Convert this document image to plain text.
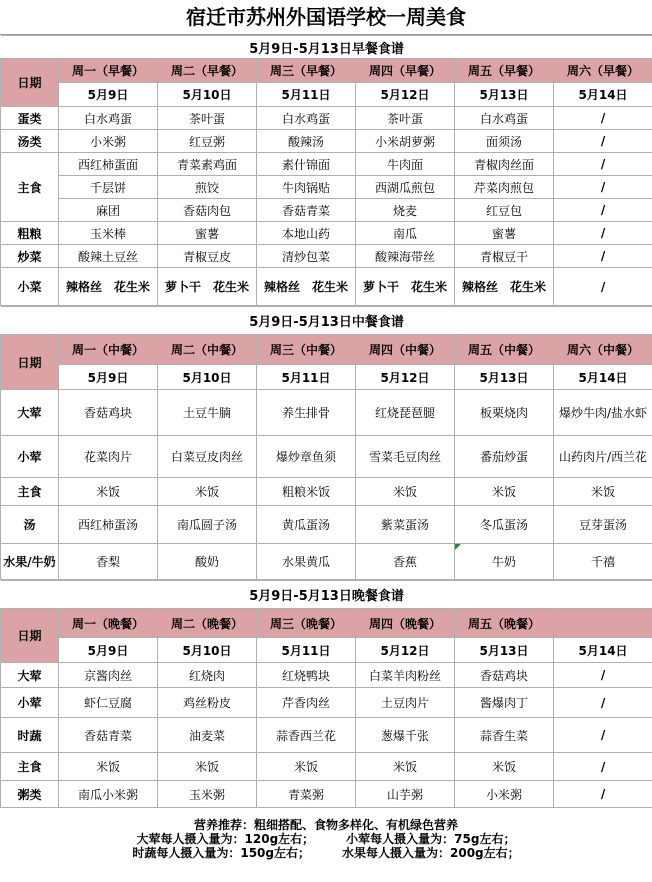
宿迁市苏州外国语学校一周美食
5月9日-5月13日早餐食谱						
日期	周一（早餐）	周二（早餐）	周三（早餐）	周四（早餐）	周五（早餐）	周六（早餐）
	5月9日	5月10日	5月11日	5月12日	5月13日	5月14日
蛋类	白水鸡蛋	茶叶蛋	白水鸡蛋	茶叶蛋	白水鸡蛋	/
汤类	小米粥	红豆粥	酸辣汤	小米胡萝粥	面须汤	/
主食	西红柿蛋面	青菜素鸡面	素什锦面	牛肉面	青椒肉丝面	/
	千层饼	煎饺	牛肉锅贴	西湖瓜煎包	芹菜肉煎包	/
	麻团	香菇肉包	香菇青菜	烧麦	红豆包	/
粗粮	玉米棒	蜜薯	本地山药	南瓜	蜜薯	/
炒菜	酸辣土豆丝	青椒豆皮	清炒包菜	酸辣海带丝	青椒豆干	/
小菜	辣格丝　花生米	萝卜干　花生米	辣格丝　花生米	萝卜干　花生米	辣格丝　花生米	/
5月9日-5月13日中餐食谱						
日期	周一（中餐）	周二（中餐）	周三（中餐）	周四（中餐）	周五（中餐）	周六（中餐）
	5月9日	5月10日	5月11日	5月12日	5月13日	5月14日
大荤	香菇鸡块	土豆牛腩	养生排骨	红烧琵琶腿	板栗烧肉	爆炒牛肉/盐水虾
小荤	花菜肉片	白菜豆皮肉丝	爆炒章鱼须	雪菜毛豆肉丝	番茄炒蛋	山药肉片/西兰花
主食	米饭	米饭	粗粮米饭	米饭	米饭	米饭
汤	西红柿蛋汤	南瓜圆子汤	黄瓜蛋汤	紫菜蛋汤	冬瓜蛋汤	豆芽蛋汤
水果/牛奶	香梨	酸奶	水果黄瓜	香蕉	牛奶	千禧
5月9日-5月13日晚餐食谱						
日期	周一（晚餐）	周二（晚餐）	周三（晚餐）	周四（晚餐）	周五（晚餐）	
	5月9日	5月10日	5月11日	5月12日	5月13日	5月14日
大荤	京酱肉丝	红烧肉	红烧鸭块	白菜羊肉粉丝	香菇鸡块	/
小荤	虾仁豆腐	鸡丝粉皮	芹香肉丝	土豆肉片	酱爆肉丁	/
时蔬	香菇青菜	油麦菜	蒜香西兰花	葱爆千张	蒜香生菜	/
主食	米饭	米饭	米饭	米饭	米饭	/
粥类	南瓜小米粥	玉米粥	青菜粥	山芋粥	小米粥	/
营养推荐：粗细搭配、食物多样化、有机绿色营养
大荤每人摄入量为：120g左右；	小荤每人摄入量为：75g左右；
时蔬每人摄入量为：150g左右；	水果每人摄入量为：200g左右；
